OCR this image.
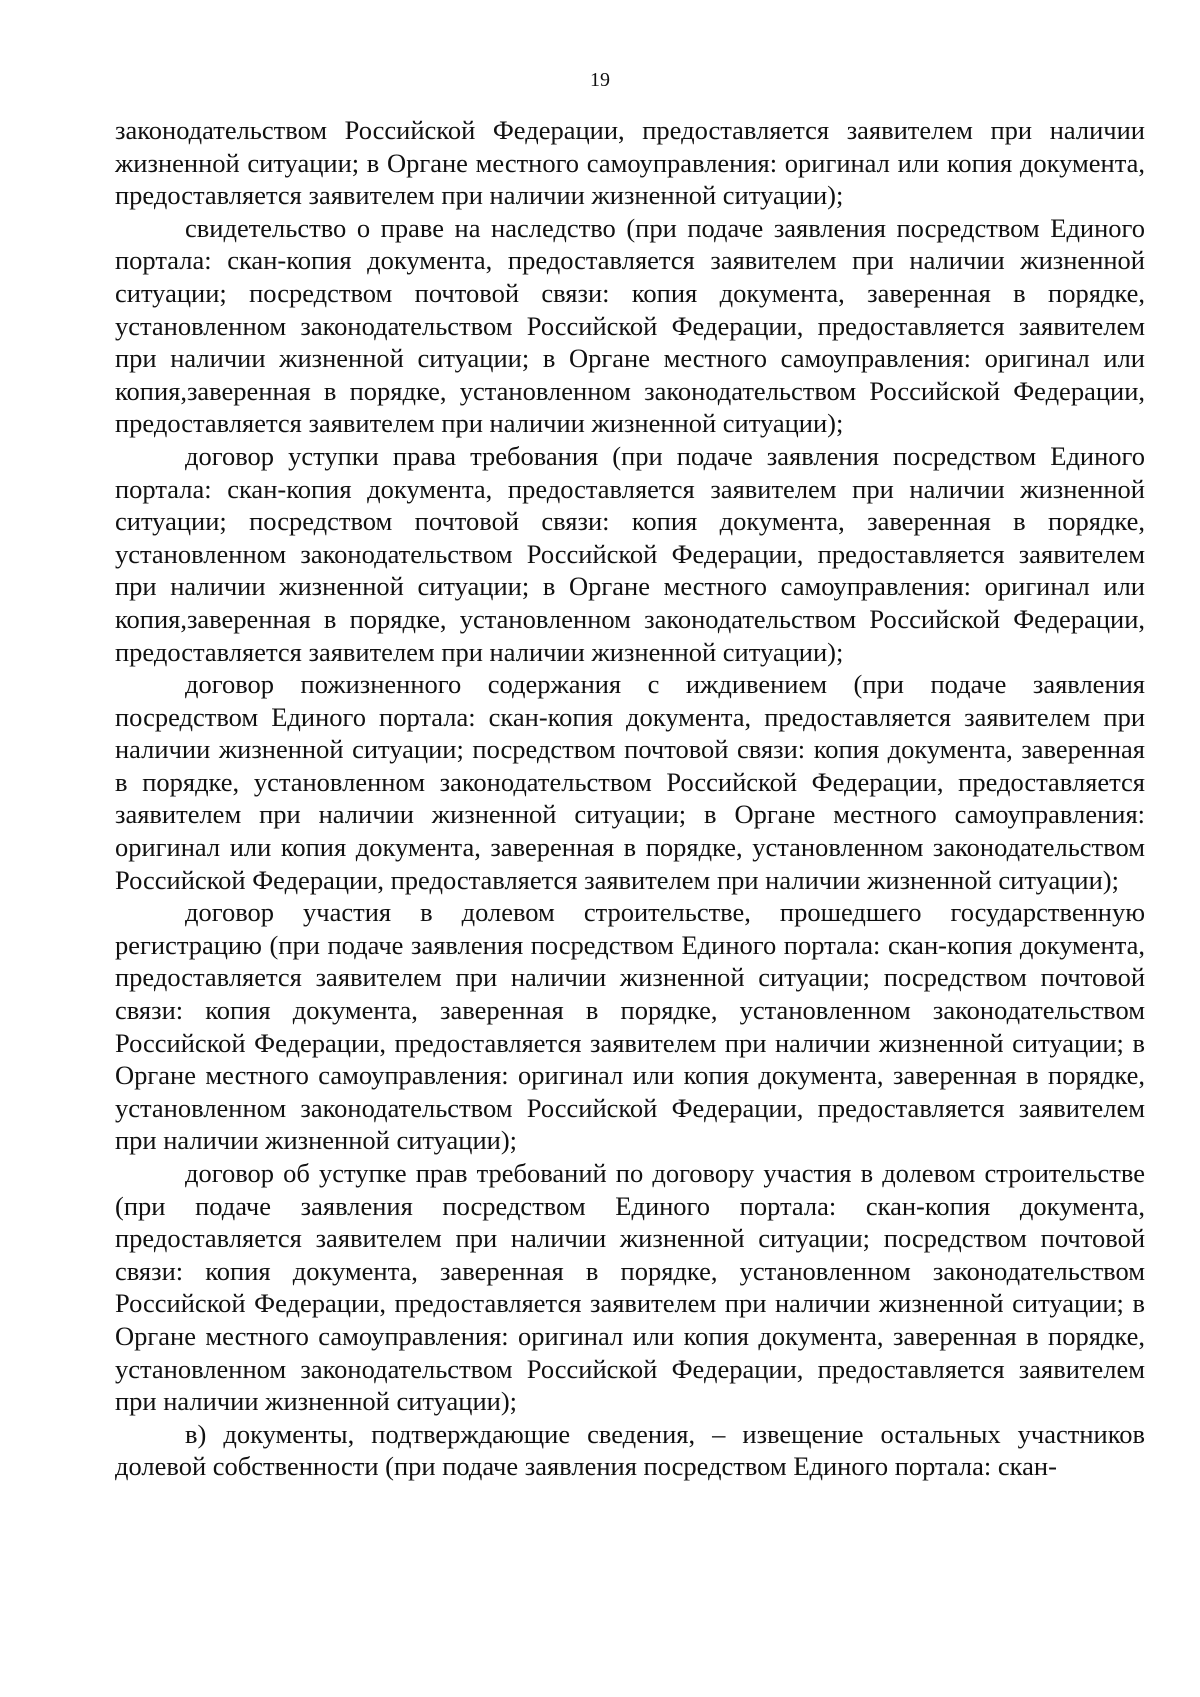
19

законодательством Российской Федерации, предоставляется заявителем при наличии жизненной ситуации; в Органе местного самоуправления: оригинал или копия документа, предоставляется заявителем при наличии жизненной ситуации);

свидетельство о праве на наследство (при подаче заявления посредством Единого портала: скан-копия документа, предоставляется заявителем при наличии жизненной ситуации; посредством почтовой связи: копия документа, заверенная в порядке, установленном законодательством Российской Федерации, предоставляется заявителем при наличии жизненной ситуации; в Органе местного самоуправления: оригинал или копия,заверенная в порядке, установленном законодательством Российской Федерации, предоставляется заявителем при наличии жизненной ситуации);

договор уступки права требования (при подаче заявления посредством Единого портала: скан-копия документа, предоставляется заявителем при наличии жизненной ситуации; посредством почтовой связи: копия документа, заверенная в порядке, установленном законодательством Российской Федерации, предоставляется заявителем при наличии жизненной ситуации; в Органе местного самоуправления: оригинал или копия,заверенная в порядке, установленном законодательством Российской Федерации, предоставляется заявителем при наличии жизненной ситуации);

договор пожизненного содержания с иждивением (при подаче заявления посредством Единого портала: скан-копия документа, предоставляется заявителем при наличии жизненной ситуации; посредством почтовой связи: копия документа, заверенная в порядке, установленном законодательством Российской Федерации, предоставляется заявителем при наличии жизненной ситуации; в Органе местного самоуправления: оригинал или копия документа, заверенная в порядке, установленном законодательством Российской Федерации, предоставляется заявителем при наличии жизненной ситуации);

договор участия в долевом строительстве, прошедшего государственную регистрацию (при подаче заявления посредством Единого портала: скан-копия документа, предоставляется заявителем при наличии жизненной ситуации; посредством почтовой связи: копия документа, заверенная в порядке, установленном законодательством Российской Федерации, предоставляется заявителем при наличии жизненной ситуации; в Органе местного самоуправления: оригинал или копия документа, заверенная в порядке, установленном законодательством Российской Федерации, предоставляется заявителем при наличии жизненной ситуации);

договор об уступке прав требований по договору участия в долевом строительстве (при подаче заявления посредством Единого портала: скан-копия документа, предоставляется заявителем при наличии жизненной ситуации; посредством почтовой связи: копия документа, заверенная в порядке, установленном законодательством Российской Федерации, предоставляется заявителем при наличии жизненной ситуации; в Органе местного самоуправления: оригинал или копия документа, заверенная в порядке, установленном законодательством Российской Федерации, предоставляется заявителем при наличии жизненной ситуации);

в) документы, подтверждающие сведения, – извещение остальных участников долевой собственности (при подаче заявления посредством Единого портала: скан-
